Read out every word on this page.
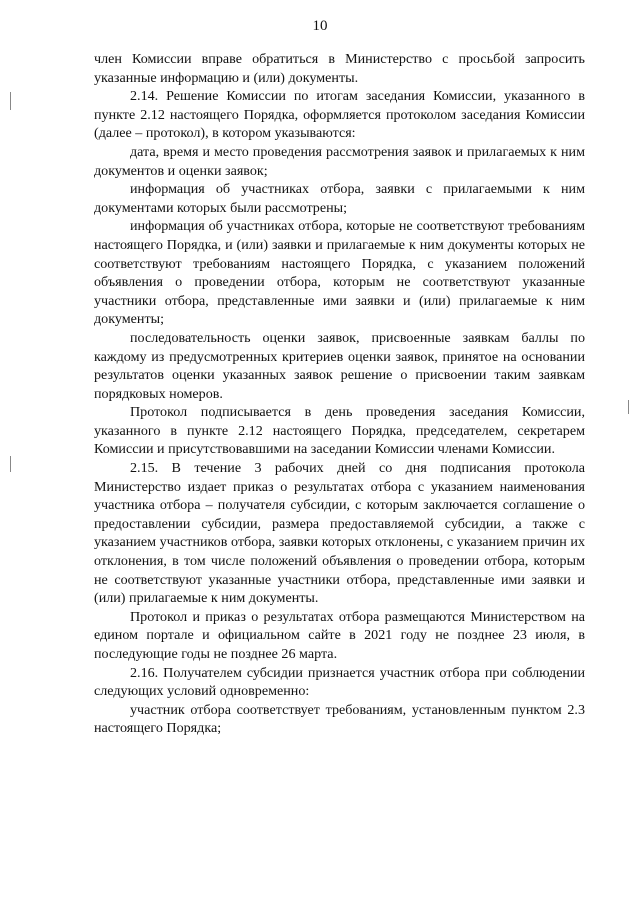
10

член Комиссии вправе обратиться в Министерство с просьбой запросить указанные информацию и (или) документы.

2.14. Решение Комиссии по итогам заседания Комиссии, указанного в пункте 2.12 настоящего Порядка, оформляется протоколом заседания Комиссии (далее – протокол), в котором указываются:

дата, время и место проведения рассмотрения заявок и прилагаемых к ним документов и оценки заявок;

информация об участниках отбора, заявки с прилагаемыми к ним документами которых были рассмотрены;

информация об участниках отбора, которые не соответствуют требованиям настоящего Порядка, и (или) заявки и прилагаемые к ним документы которых не соответствуют требованиям настоящего Порядка, с указанием положений объявления о проведении отбора, которым не соответствуют указанные участники отбора, представленные ими заявки и (или) прилагаемые к ним документы;

последовательность оценки заявок, присвоенные заявкам баллы по каждому из предусмотренных критериев оценки заявок, принятое на основании результатов оценки указанных заявок решение о присвоении таким заявкам порядковых номеров.

Протокол подписывается в день проведения заседания Комиссии, указанного в пункте 2.12 настоящего Порядка, председателем, секретарем Комиссии и присутствовавшими на заседании Комиссии членами Комиссии.

2.15. В течение 3 рабочих дней со дня подписания протокола Министерство издает приказ о результатах отбора с указанием наименования участника отбора – получателя субсидии, с которым заключается соглашение о предоставлении субсидии, размера предоставляемой субсидии, а также с указанием участников отбора, заявки которых отклонены, с указанием причин их отклонения, в том числе положений объявления о проведении отбора, которым не соответствуют указанные участники отбора, представленные ими заявки и (или) прилагаемые к ним документы.

Протокол и приказ о результатах отбора размещаются Министерством на едином портале и официальном сайте в 2021 году не позднее 23 июля, в последующие годы не позднее 26 марта.

2.16. Получателем субсидии признается участник отбора при соблюдении следующих условий одновременно:

участник отбора соответствует требованиям, установленным пунктом 2.3 настоящего Порядка;
